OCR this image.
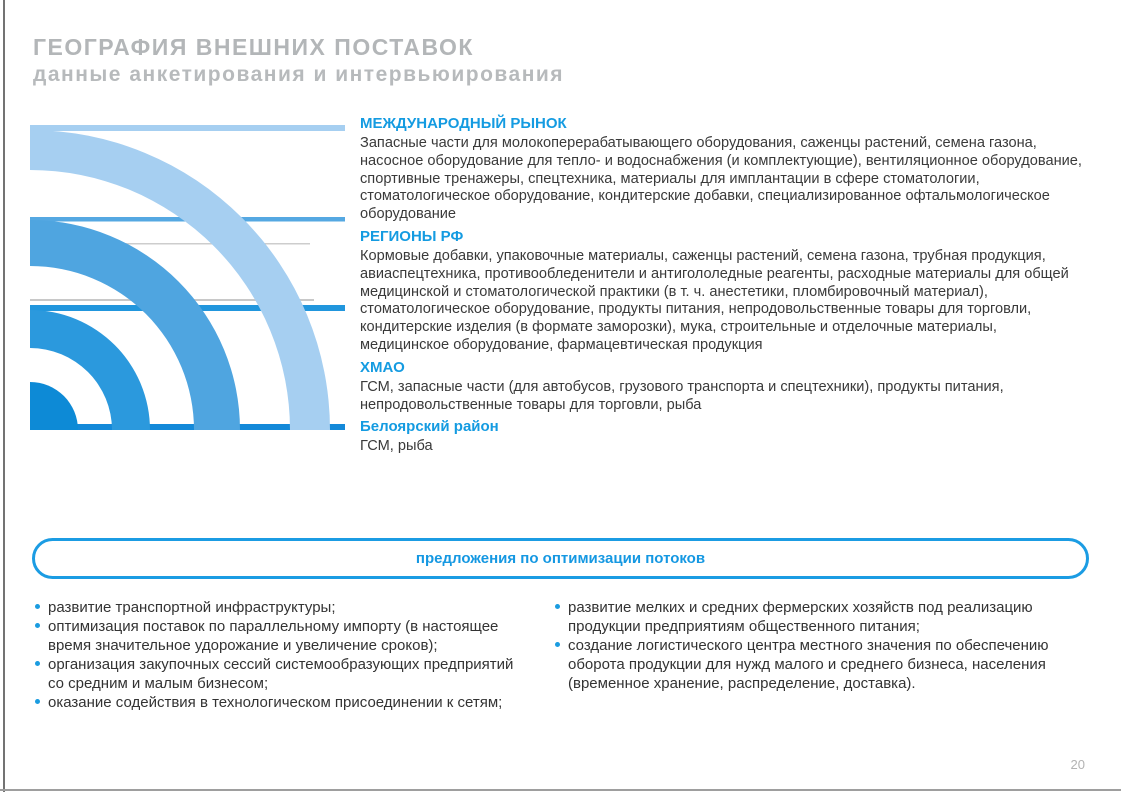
ГЕОГРАФИЯ ВНЕШНИХ ПОСТАВОК
данные анкетирования и интервьюирования
МЕЖДУНАРОДНЫЙ РЫНОК

Запасные части для молокоперерабатывающего оборудования, саженцы растений, семена газона, насосное оборудование для тепло- и водоснабжения (и комплектующие), вентиляционное оборудование, спортивные тренажеры, спецтехника, материалы для имплантации в сфере стоматологии, стоматологическое оборудование, кондитерские добавки, специализированное офтальмологическое оборудование

РЕГИОНЫ РФ

Кормовые добавки, упаковочные материалы, саженцы растений, семена газона, трубная продукция, авиаспецтехника, противообледенители и антигололедные реагенты, расходные материалы для общей медицинской и стоматологической практики (в т. ч. анестетики, пломбировочный материал), стоматологическое оборудование, продукты питания, непродовольственные товары для торговли, кондитерские изделия (в формате заморозки), мука, строительные и отделочные материалы, медицинское оборудование, фармацевтическая продукция

ХМАО

ГСМ, запасные части (для автобусов, грузового транспорта и спецтехники), продукты питания, непродовольственные товары для торговли, рыба

Белоярский район

ГСМ, рыба

предложения по оптимизации потоков
развитие транспортной инфраструктуры;
оптимизация поставок по параллельному импорту (в настоящее время значительное удорожание и увеличение сроков);
организация закупочных сессий системообразующих предприятий со средним и малым бизнесом;
оказание содействия в технологическом присоединении к сетям;
развитие мелких и средних фермерских хозяйств под реализацию продукции предприятиям общественного питания;
создание логистического центра местного значения по обеспечению оборота продукции для нужд малого и среднего бизнеса, населения (временное хранение, распределение, доставка).
20
